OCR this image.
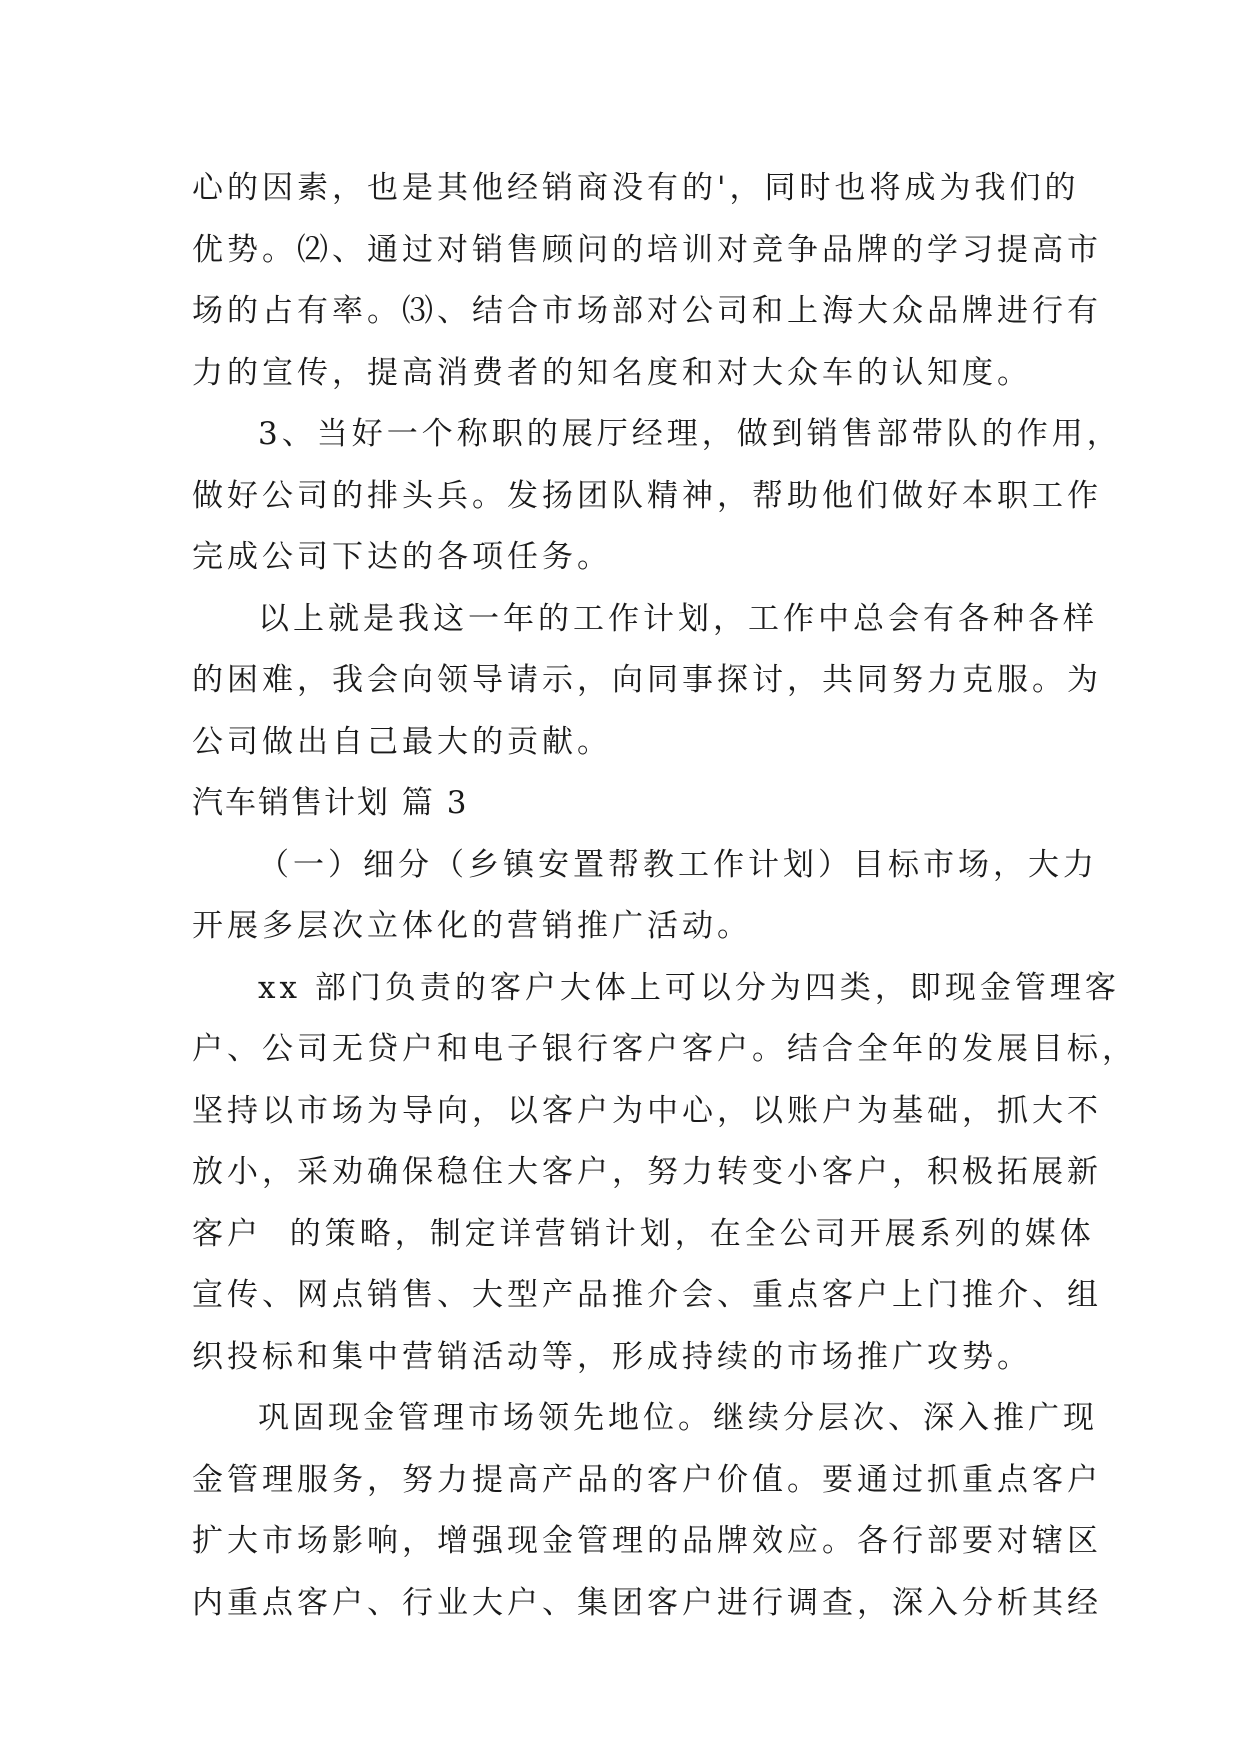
心的因素，也是其他经销商没有的'，同时也将成为我们的
优势。⑵、通过对销售顾问的培训对竞争品牌的学习提高市
场的占有率。⑶、结合市场部对公司和上海大众品牌进行有
力的宣传，提高消费者的知名度和对大众车的认知度。
3、当好一个称职的展厅经理，做到销售部带队的作用，
做好公司的排头兵。发扬团队精神，帮助他们做好本职工作
完成公司下达的各项任务。
以上就是我这一年的工作计划，工作中总会有各种各样
的困难，我会向领导请示，向同事探讨，共同努力克服。为
公司做出自己最大的贡献。
汽车销售计划 篇 3
（一）细分（乡镇安置帮教工作计划）目标市场，大力
开展多层次立体化的营销推广活动。
xx 部门负责的客户大体上可以分为四类，即现金管理客
户、公司无贷户和电子银行客户客户。结合全年的发展目标，
坚持以市场为导向，以客户为中心，以账户为基础，抓大不
放小，采劝确保稳住大客户，努力转变小客户，积极拓展新
客户  的策略，制定详营销计划，在全公司开展系列的媒体
宣传、网点销售、大型产品推介会、重点客户上门推介、组
织投标和集中营销活动等，形成持续的市场推广攻势。
巩固现金管理市场领先地位。继续分层次、深入推广现
金管理服务，努力提高产品的客户价值。要通过抓重点客户
扩大市场影响，增强现金管理的品牌效应。各行部要对辖区
内重点客户、行业大户、集团客户进行调查，深入分析其经
